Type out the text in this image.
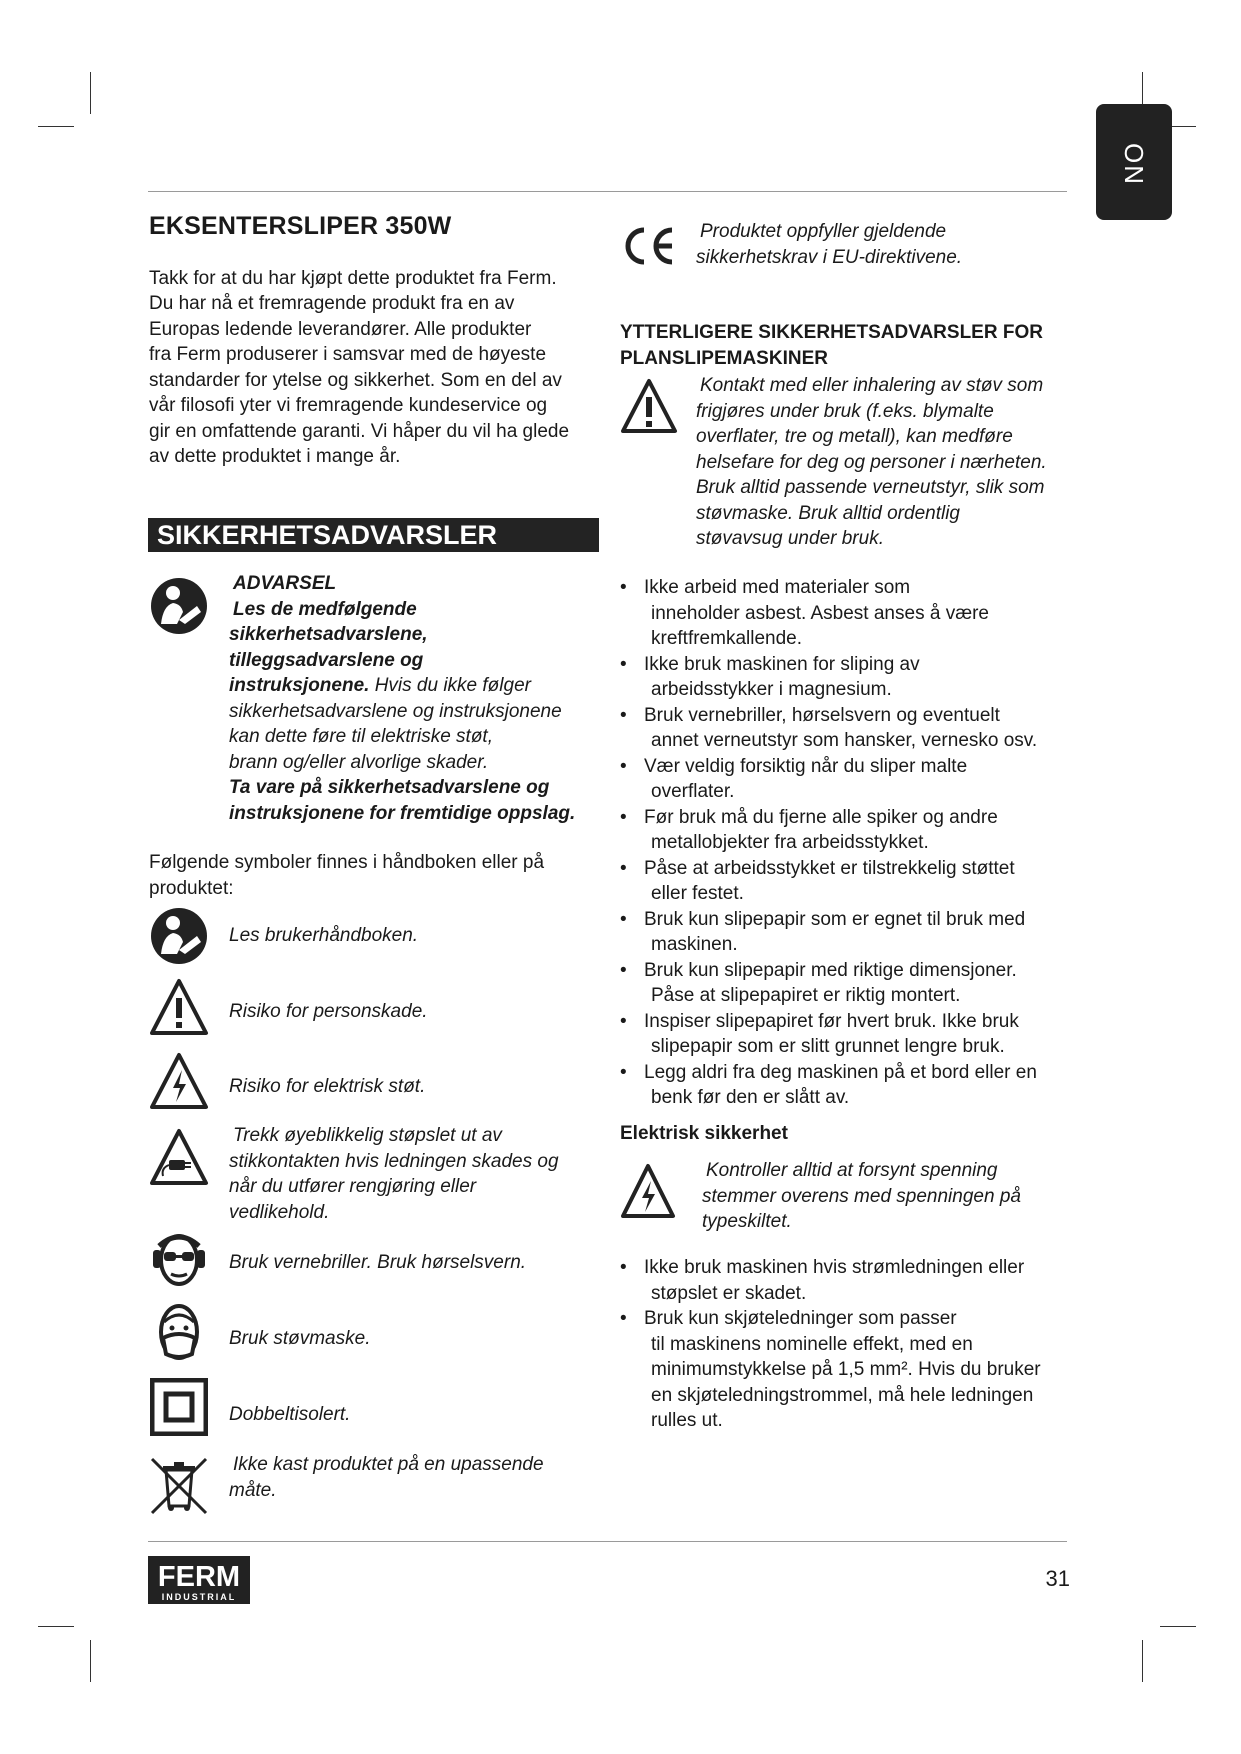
NO
EKSENTERSLIPER 350W

Takk for at du har kjøpt dette produktet fra Ferm.

Du har nå et fremragende produkt fra en av

Europas ledende leverandører. Alle produkter

fra Ferm produserer i samsvar med de høyeste

standarder for ytelse og sikkerhet. Som en del av

vår filosofi yter vi fremragende kundeservice og

gir en omfattende garanti. Vi håper du vil ha glede

av dette produktet i mange år.

SIKKERHETSADVARSLER

ADVARSEL

Les de medfølgende

sikkerhetsadvarslene,

tilleggsadvarslene og

instruksjonene. Hvis du ikke følger

sikkerhetsadvarslene og instruksjonene

kan dette føre til elektriske støt,

brann og/eller alvorlige skader.

Ta vare på sikkerhetsadvarslene og

instruksjonene for fremtidige oppslag.

Følgende symboler finnes i håndboken eller på

produktet:

Les brukerhåndboken.

Risiko for personskade.

Risiko for elektrisk støt.

Trekk øyeblikkelig støpslet ut av

stikkontakten hvis ledningen skades og

når du utfører rengjøring eller

vedlikehold.

Bruk vernebriller. Bruk hørselsvern.

Bruk støvmaske.

Dobbeltisolert.

Ikke kast produktet på en upassende

måte.

Produktet oppfyller gjeldende

sikkerhetskrav i EU-direktivene.

YTTERLIGERE SIKKERHETSADVARSLER FOR

PLANSLIPEMASKINER

Kontakt med eller inhalering av støv som

frigjøres under bruk (f.eks. blymalte

overflater, tre og metall), kan medføre

helsefare for deg og personer i nærheten.

Bruk alltid passende verneutstyr, slik som

støvmaske. Bruk alltid ordentlig

støvavsug under bruk.

• Ikke arbeid med materialer som
inneholder asbest. Asbest anses å være
kreftfremkallende.
• Ikke bruk maskinen for sliping av
arbeidsstykker i magnesium.
• Bruk vernebriller, hørselsvern og eventuelt
annet verneutstyr som hansker, vernesko osv.
• Vær veldig forsiktig når du sliper malte
overflater.
• Før bruk må du fjerne alle spiker og andre
metallobjekter fra arbeidsstykket.
• Påse at arbeidsstykket er tilstrekkelig støttet
eller festet.
• Bruk kun slipepapir som er egnet til bruk med
maskinen.
• Bruk kun slipepapir med riktige dimensjoner.
Påse at slipepapiret er riktig montert.
• Inspiser slipepapiret før hvert bruk. Ikke bruk
slipepapir som er slitt grunnet lengre bruk.
• Legg aldri fra deg maskinen på et bord eller en
benk før den er slått av.

Elektrisk sikkerhet

Kontroller alltid at forsynt spenning

stemmer overens med spenningen på

typeskiltet.

• Ikke bruk maskinen hvis strømledningen eller
støpslet er skadet.
• Bruk kun skjøteledninger som passer
til maskinens nominelle effekt, med en
minimumstykkelse på 1,5 mm². Hvis du bruker
en skjøteledningstrommel, må hele ledningen
rulles ut.
FERM
INDUSTRIAL
31
